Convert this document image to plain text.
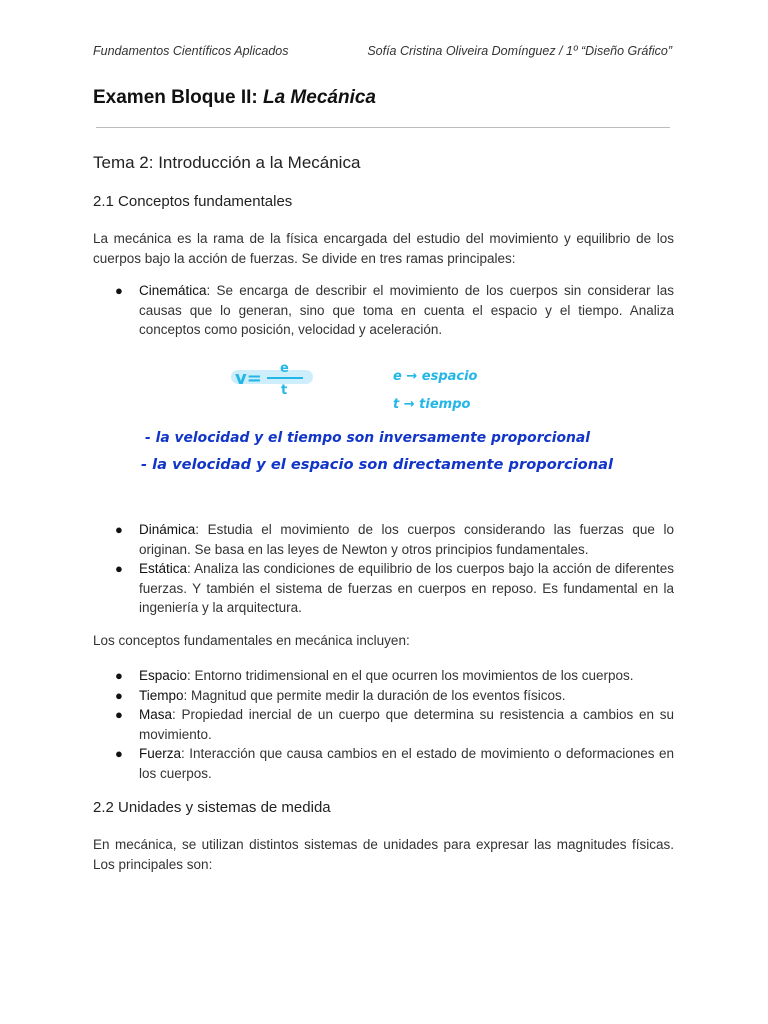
Fundamentos Científicos Aplicados	Sofía Cristina Oliveira Domínguez / 1º “Diseño Gráfico”
Examen Bloque II: La Mecánica
Tema 2: Introducción a la Mecánica
2.1 Conceptos fundamentales
La mecánica es la rama de la física encargada del estudio del movimiento y equilibrio de los cuerpos bajo la acción de fuerzas. Se divide en tres ramas principales:
● Cinemática: Se encarga de describir el movimiento de los cuerpos sin considerar las causas que lo generan, sino que toma en cuenta el espacio y el tiempo. Analiza conceptos como posición, velocidad y aceleración.
v= e
t
e → espacio
t → tiempo
- la velocidad y el tiempo son inversamente proporcional
- la velocidad y el espacio son directamente proporcional
● Dinámica: Estudia el movimiento de los cuerpos considerando las fuerzas que lo originan. Se basa en las leyes de Newton y otros principios fundamentales.
● Estática: Analiza las condiciones de equilibrio de los cuerpos bajo la acción de diferentes fuerzas. Y también el sistema de fuerzas en cuerpos en reposo. Es fundamental en la ingeniería y la arquitectura.
Los conceptos fundamentales en mecánica incluyen:
● Espacio: Entorno tridimensional en el que ocurren los movimientos de los cuerpos.
● Tiempo: Magnitud que permite medir la duración de los eventos físicos.
● Masa: Propiedad inercial de un cuerpo que determina su resistencia a cambios en su movimiento.
● Fuerza: Interacción que causa cambios en el estado de movimiento o deformaciones en los cuerpos.
2.2 Unidades y sistemas de medida
En mecánica, se utilizan distintos sistemas de unidades para expresar las magnitudes físicas. Los principales son:
